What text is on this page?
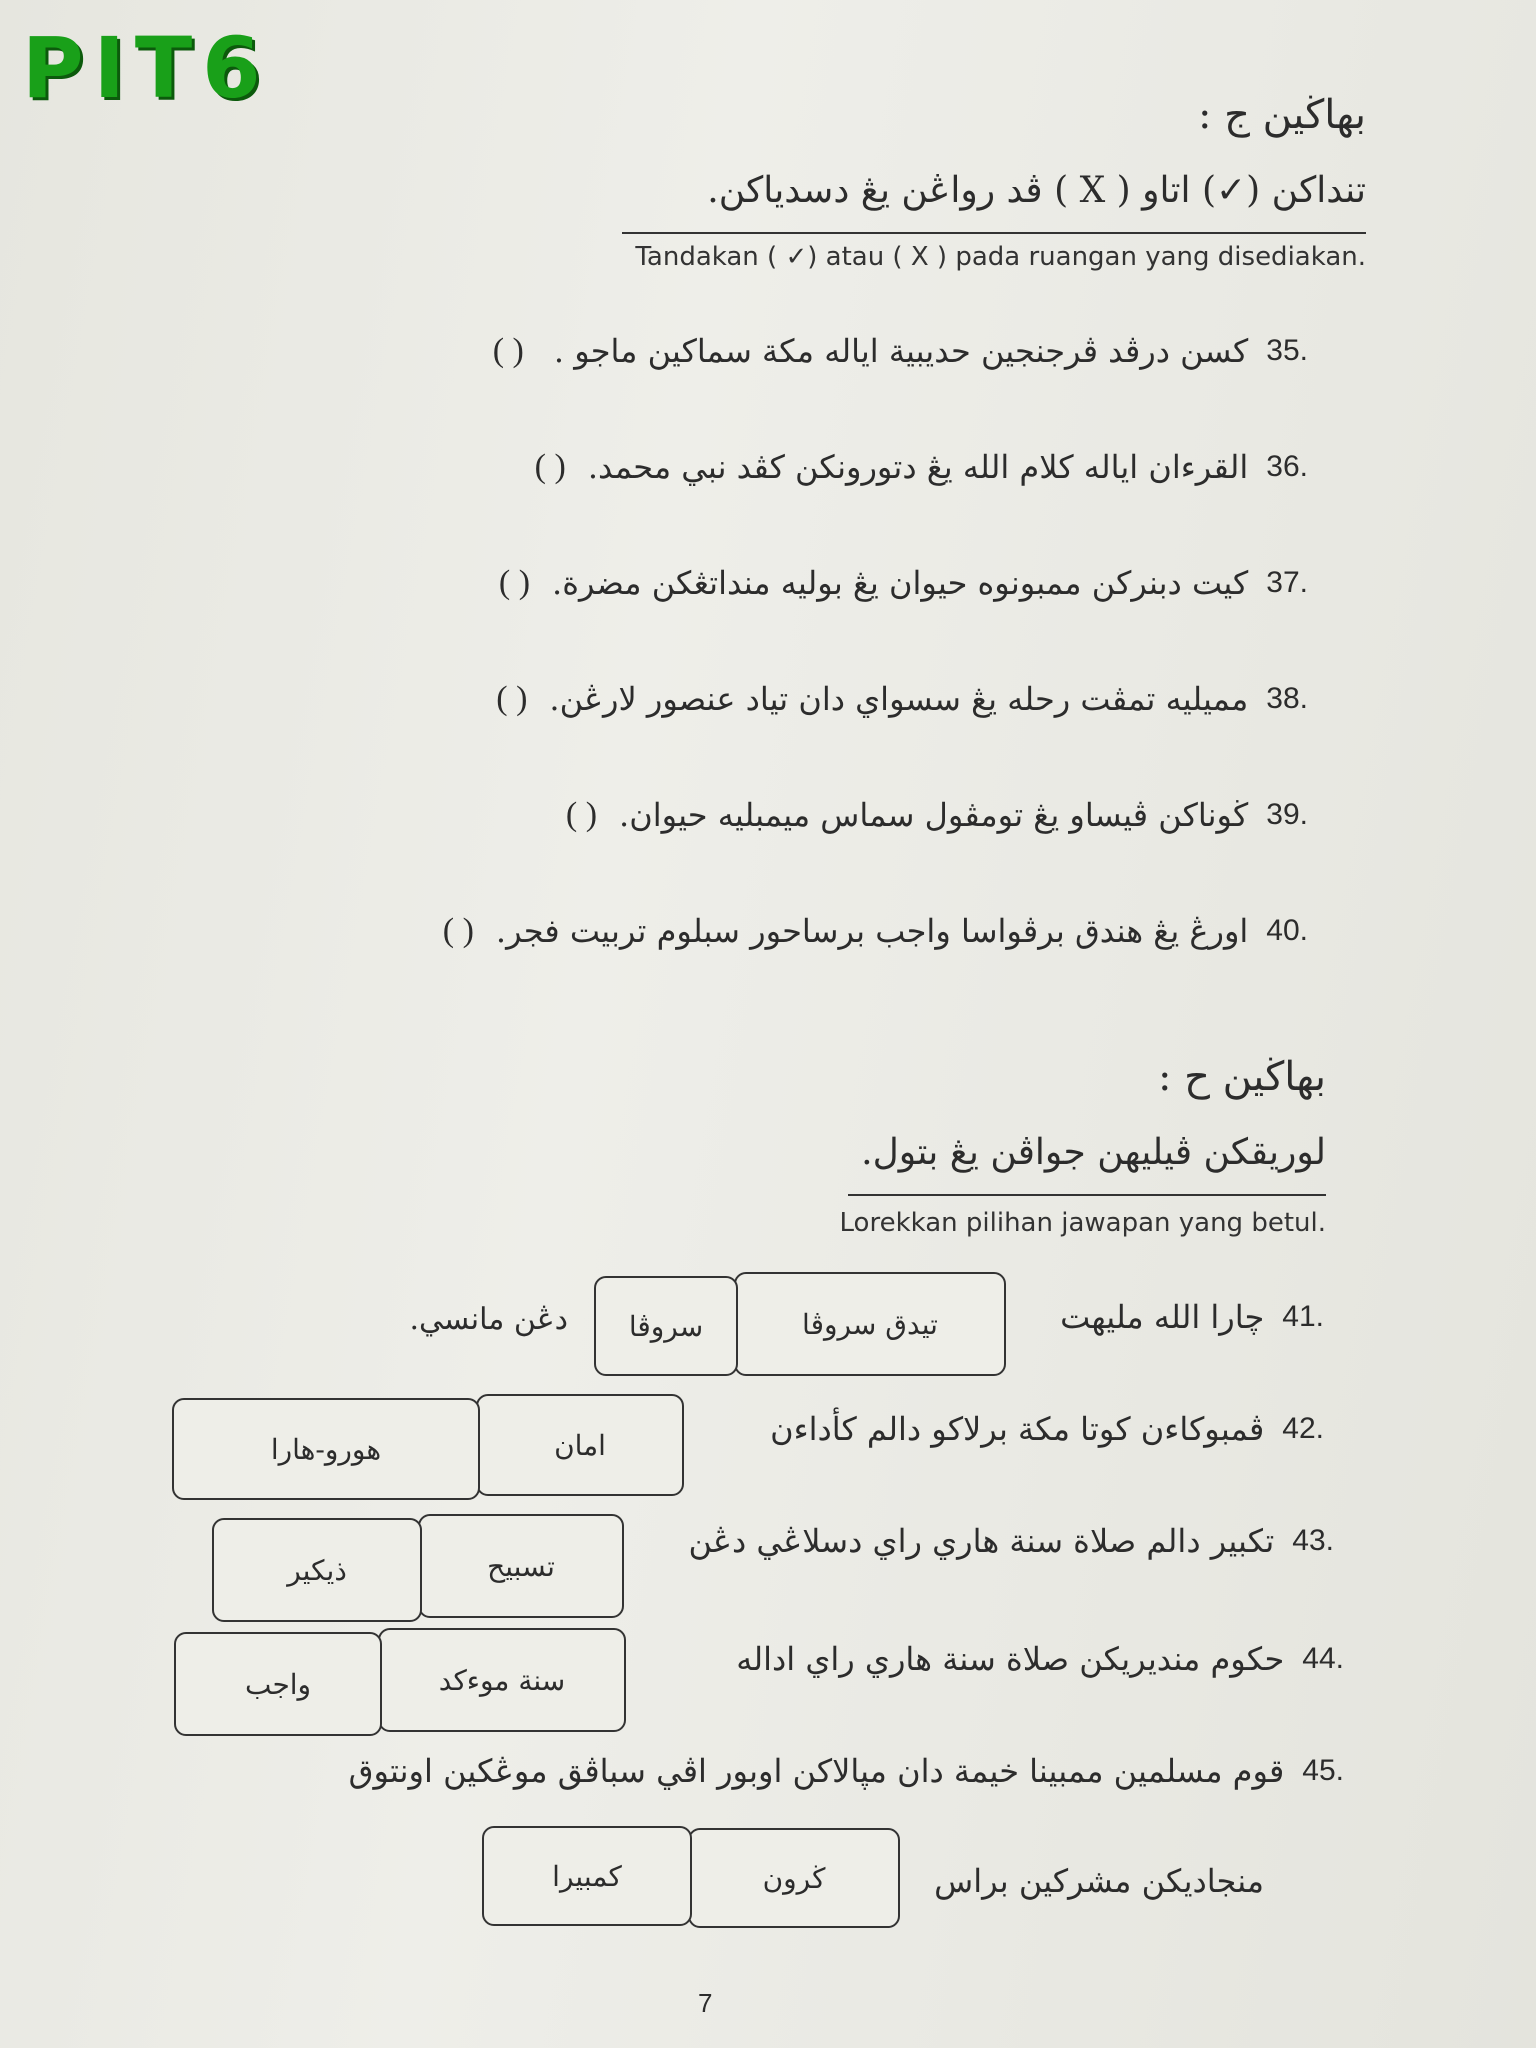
PIT6	بهاڬين ج :
تنداکن (✓) اتاو ( X ) ڤد رواڠن يڠ دسدياکن.
Tandakan ( ✓) atau ( X ) pada ruangan yang disediakan.
( ) کسن درڤد ڤرجنجين حديبية اياله مکة سماکين ماجو . 35.
( ) القرءان اياله کلام الله يڠ دتورونکن کڤد نبي محمد. 36.
( ) کيت دبنرکن ممبونوه حيوان يڠ بوليه منداتڠکن مضرة. 37.
( ) مميليه تمڤت رحله يڠ سسواي دان تياد عنصور لارڠن. 38.
( ) ڬوناکن ڤيساو يڠ تومڤول سماس ميمبليه حيوان. 39.
( ) اورڠ يڠ هندق برڤواسا واجب برساحور سبلوم تربيت فجر. 40.
بهاڬين ح :
لوريقکن ڤيليهن جواڤن يڠ بتول.
Lorekkan pilihan jawapan yang betul.
چارا الله مليهت 41.
تيدق سروڤا
سروڤا
دڠن مانسي.
ڤمبوکاءن کوتا مکة برلاکو دالم کأداءن 42.
امان
هورو-هارا
تکبير دالم صلاة سنة هاري راي دسلاڠي دڠن 43.
تسبيح
ذيکير
حکوم منديريکن صلاة سنة هاري راي اداله 44.
سنة موءکد
واجب
قوم مسلمين ممبينا خيمة دان مڽالاکن اوبور اڤي سباڤق موڠکين اونتوق 45.
منجاديکن مشرکين براس
ڬرون
کمبيرا
7
